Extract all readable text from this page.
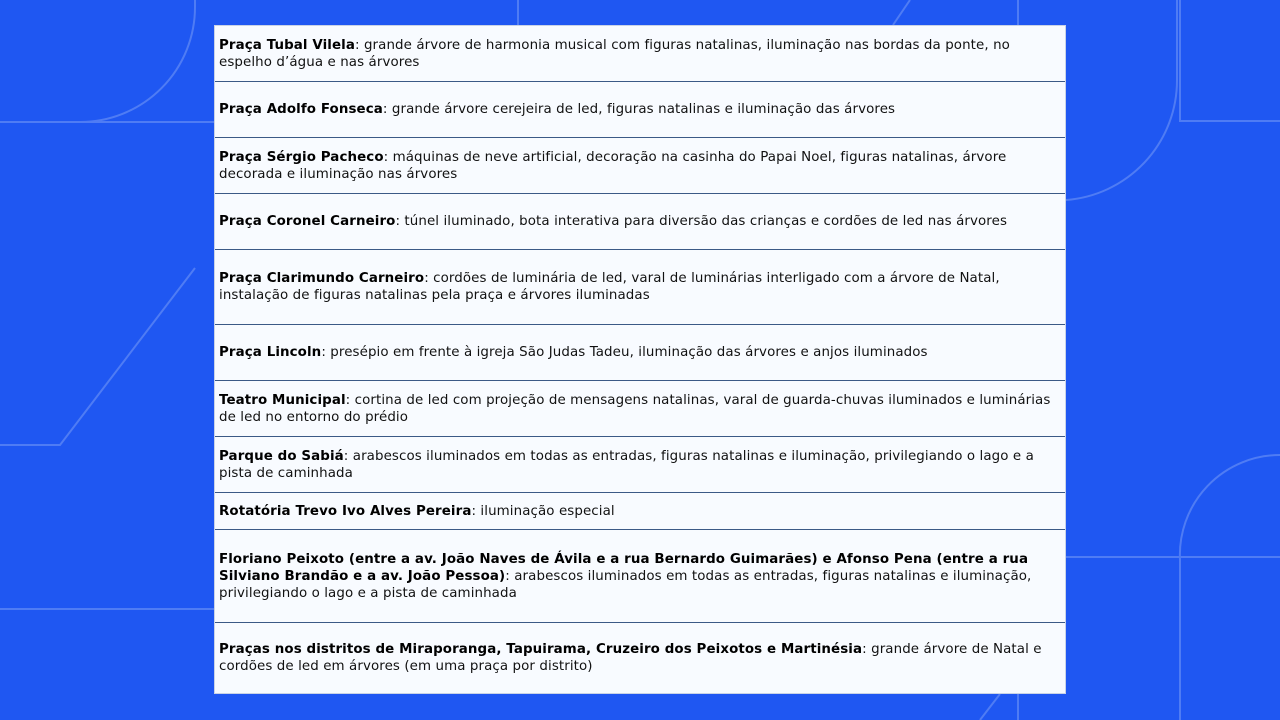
Praça Tubal Vilela: grande árvore de harmonia musical com figuras natalinas, iluminação nas bordas da ponte, no espelho d’água e nas árvores

Praça Adolfo Fonseca: grande árvore cerejeira de led, figuras natalinas e iluminação das árvores

Praça Sérgio Pacheco: máquinas de neve artificial, decoração na casinha do Papai Noel, figuras natalinas, árvore decorada e iluminação nas árvores

Praça Coronel Carneiro: túnel iluminado, bota interativa para diversão das crianças e cordões de led nas árvores

Praça Clarimundo Carneiro: cordões de luminária de led, varal de luminárias interligado com a árvore de Natal, instalação de figuras natalinas pela praça e árvores iluminadas

Praça Lincoln: presépio em frente à igreja São Judas Tadeu, iluminação das árvores e anjos iluminados

Teatro Municipal: cortina de led com projeção de mensagens natalinas, varal de guarda-chuvas iluminados e luminárias de led no entorno do prédio

Parque do Sabiá: arabescos iluminados em todas as entradas, figuras natalinas e iluminação, privilegiando o lago e a pista de caminhada

Rotatória Trevo Ivo Alves Pereira: iluminação especial

Floriano Peixoto (entre a av. João Naves de Ávila e a rua Bernardo Guimarães) e Afonso Pena (entre a rua Silviano Brandão e a av. João Pessoa): arabescos iluminados em todas as entradas, figuras natalinas e iluminação, privilegiando o lago e a pista de caminhada

Praças nos distritos de Miraporanga, Tapuirama, Cruzeiro dos Peixotos e Martinésia: grande árvore de Natal e cordões de led em árvores (em uma praça por distrito)
